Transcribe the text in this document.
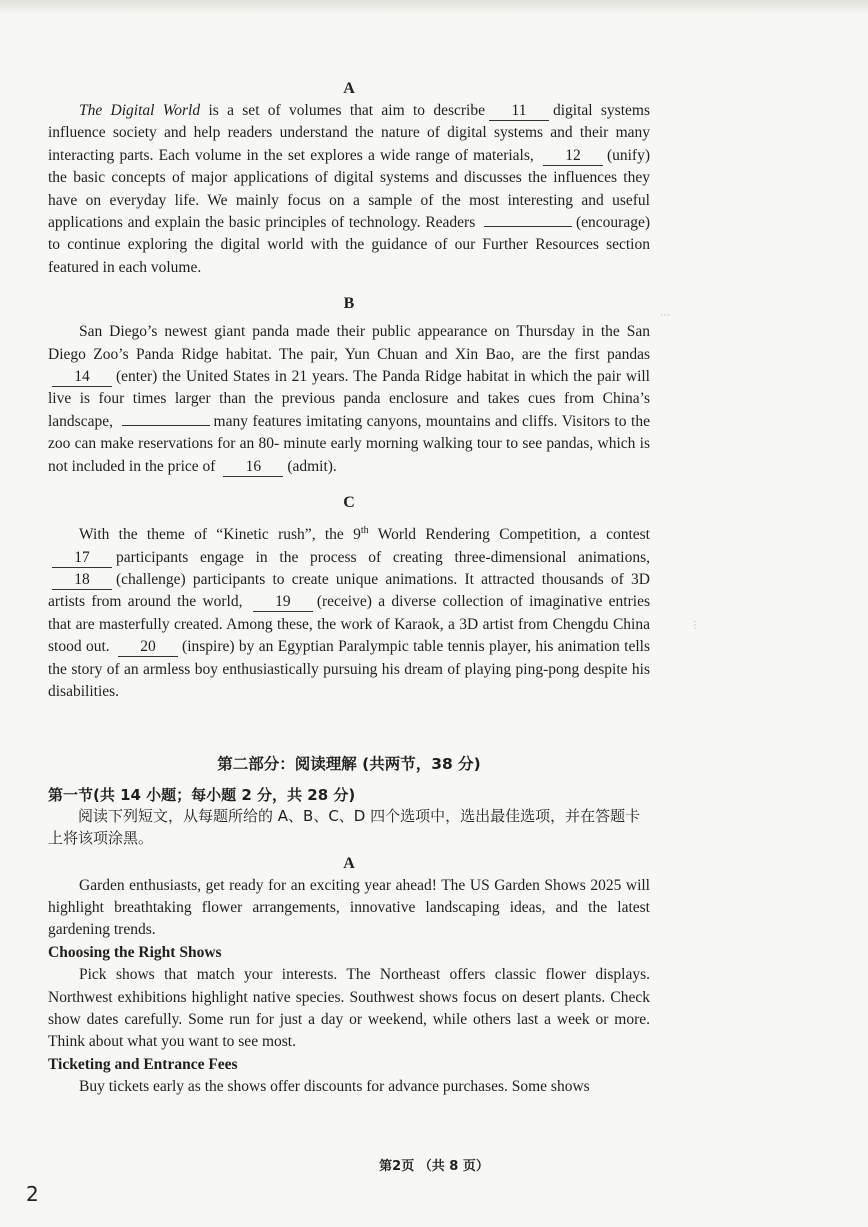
A

The Digital World is a set of volumes that aim to describe 11 digital systems influence society and help readers understand the nature of digital systems and their many interacting parts. Each volume in the set explores a wide range of materials, 12 (unify) the basic concepts of major applications of digital systems and discusses the influences they have on everyday life. We mainly focus on a sample of the most interesting and useful applications and explain the basic principles of technology. Readers	(encourage) to continue exploring the digital world with the guidance of our Further Resources section featured in each volume.

B

San Diego’s newest giant panda made their public appearance on Thursday in the San Diego Zoo’s Panda Ridge habitat. The pair, Yun Chuan and Xin Bao, are the first pandas 14 (enter) the United States in 21 years. The Panda Ridge habitat in which the pair will live is four times larger than the previous panda enclosure and takes cues from China’s landscape,	many features imitating canyons, mountains and cliffs. Visitors to the zoo can make reservations for an 80- minute early morning walking tour to see pandas, which is not included in the price of 16 (admit).

C

With the theme of “Kinetic rush”, the 9th World Rendering Competition, a contest 17 participants engage in the process of creating three-dimensional animations, 18 (challenge) participants to create unique animations. It attracted thousands of 3D artists from around the world, 19 (receive) a diverse collection of imaginative entries that are masterfully created. Among these, the work of Karaok, a 3D artist from Chengdu China stood out. 20 (inspire) by an Egyptian Paralympic table tennis player, his animation tells the story of an armless boy enthusiastically pursuing his dream of playing ping-pong despite his disabilities.

第二部分：阅读理解 (共两节，38 分)

第一节(共 14 小题；每小题 2 分，共 28 分)

阅读下列短文，从每题所给的 A、B、C、D 四个选项中，选出最佳选项，并在答题卡上将该项涂黑。

A

Garden enthusiasts, get ready for an exciting year ahead! The US Garden Shows 2025 will highlight breathtaking flower arrangements, innovative landscaping ideas, and the latest gardening trends.

Choosing the Right Shows

Pick shows that match your interests. The Northeast offers classic flower displays. Northwest exhibitions highlight native species. Southwest shows focus on desert plants. Check show dates carefully. Some run for just a day or weekend, while others last a week or more. Think about what you want to see most.

Ticketing and Entrance Fees

Buy tickets early as the shows offer discounts for advance purchases. Some shows

⋯
⋮
第2页 （共 8 页）
2
